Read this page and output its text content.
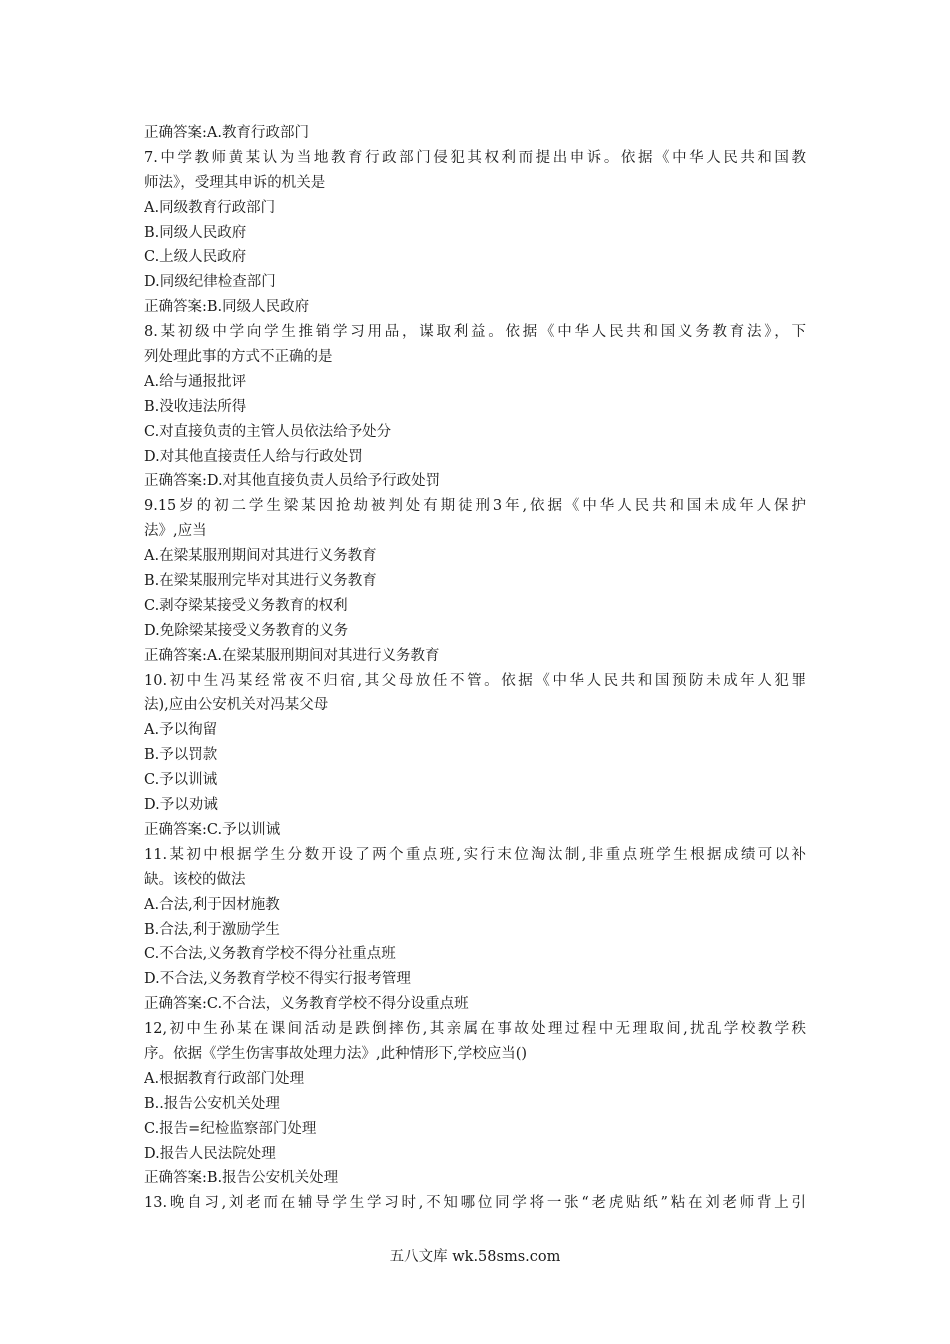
正确答案:A.教育行政部门
7.中学教师黄某认为当地教育行政部门侵犯其权利而提出申诉。依据《中华人民共和国教
师法》，受理其申诉的机关是
A.同级教育行政部门
B.同级人民政府
C.上级人民政府
D.同级纪律检查部门
正确答案:B.同级人民政府
8.某初级中学向学生推销学习用品，谋取利益。依据《中华人民共和国义务教育法》，下
列处理此事的方式不正确的是
A.给与通报批评
B.没收违法所得
C.对直接负责的主管人员依法给予处分
D.对其他直接责任人给与行政处罚
正确答案:D.对其他直接负责人员给予行政处罚
9.15岁的初二学生梁某因抢劫被判处有期徒刑3年,依据《中华人民共和国未成年人保护
法》,应当
A.在梁某服刑期间对其进行义务教育
B.在梁某服刑完毕对其进行义务教育
C.剥夺梁某接受义务教育的权利
D.免除梁某接受义务教育的义务
正确答案:A.在梁某服刑期间对其进行义务教育
10.初中生冯某经常夜不归宿,其父母放任不管。依据《中华人民共和国预防未成年人犯罪
法),应由公安机关对冯某父母
A.予以徇留
B.予以罚款
C.予以训诫
D.予以劝诫
正确答案:C.予以训诫
11.某初中根据学生分数开设了两个重点班,实行末位淘汰制,非重点班学生根据成绩可以补
缺。该校的做法
A.合法,利于因材施教
B.合法,利于激励学生
C.不合法,义务教育学校不得分社重点班
D.不合法,义务教育学校不得实行报考管理
正确答案:C.不合法，义务教育学校不得分设重点班
12,初中生孙某在课间活动是跌倒摔伤,其亲属在事故处理过程中无理取间,扰乱学校教学秩
序。依据《学生伤害事故处理力法》,此种情形下,学校应当()
A.根据教育行政部门处理
B..报告公安机关处理
C.报告=纪检监察部门处理
D.报告人民法院处理
正确答案:B.报告公安机关处理
13.晚自习,刘老而在辅导学生学习时,不知哪位同学将一张“老虎贴纸”粘在刘老师背上引
五八文库 wk.58sms.com
